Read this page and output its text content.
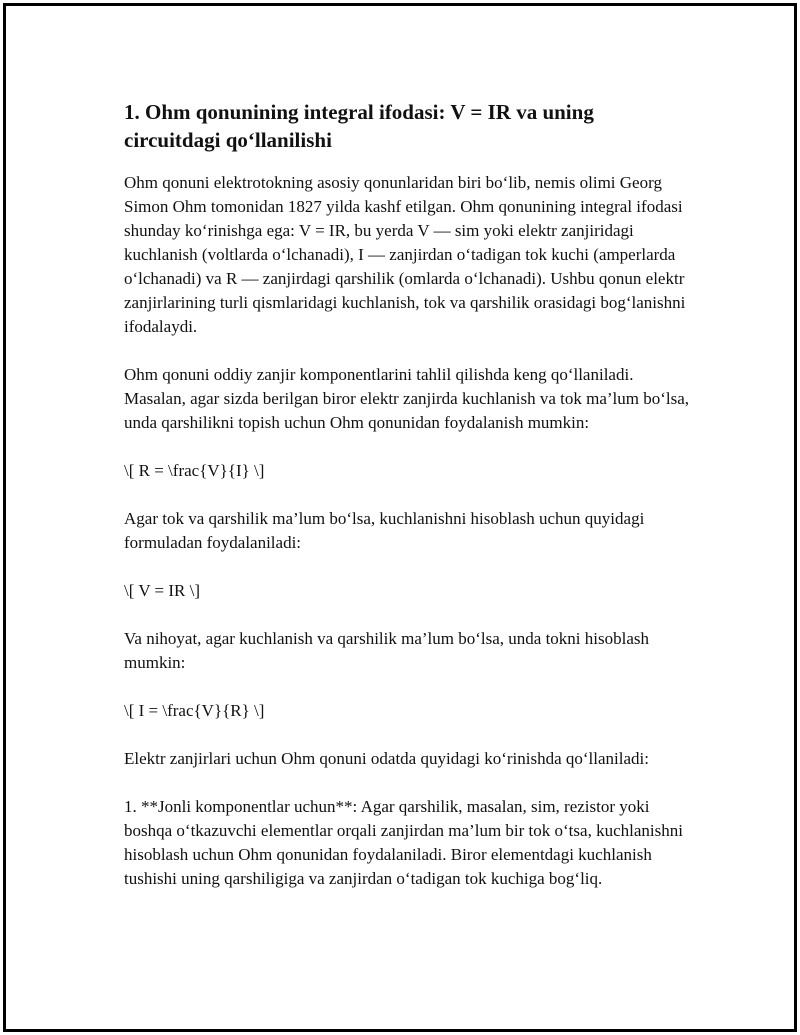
1. Ohm qonunining integral ifodasi: V = IR va uning circuitdagi qo‘llanilishi

Ohm qonuni elektrotokning asosiy qonunlaridan biri bo‘lib, nemis olimi Georg Simon Ohm tomonidan 1827 yilda kashf etilgan. Ohm qonunining integral ifodasi shunday ko‘rinishga ega: V = IR, bu yerda V — sim yoki elektr zanjiridagi kuchlanish (voltlarda o‘lchanadi), I — zanjirdan o‘tadigan tok kuchi (amperlarda o‘lchanadi) va R — zanjirdagi qarshilik (omlarda o‘lchanadi). Ushbu qonun elektr zanjirlarining turli qismlaridagi kuchlanish, tok va qarshilik orasidagi bog‘lanishni ifodalaydi.

Ohm qonuni oddiy zanjir komponentlarini tahlil qilishda keng qo‘llaniladi. Masalan, agar sizda berilgan biror elektr zanjirda kuchlanish va tok ma’lum bo‘lsa, unda qarshilikni topish uchun Ohm qonunidan foydalanish mumkin:

\[ R = \frac{V}{I} \]

Agar tok va qarshilik ma’lum bo‘lsa, kuchlanishni hisoblash uchun quyidagi formuladan foydalaniladi:

\[ V = IR \]

Va nihoyat, agar kuchlanish va qarshilik ma’lum bo‘lsa, unda tokni hisoblash mumkin:

\[ I = \frac{V}{R} \]

Elektr zanjirlari uchun Ohm qonuni odatda quyidagi ko‘rinishda qo‘llaniladi:

1. **Jonli komponentlar uchun**: Agar qarshilik, masalan, sim, rezistor yoki boshqa o‘tkazuvchi elementlar orqali zanjirdan ma’lum bir tok o‘tsa, kuchlanishni hisoblash uchun Ohm qonunidan foydalaniladi. Biror elementdagi kuchlanish tushishi uning qarshiligiga va zanjirdan o‘tadigan tok kuchiga bog‘liq.
